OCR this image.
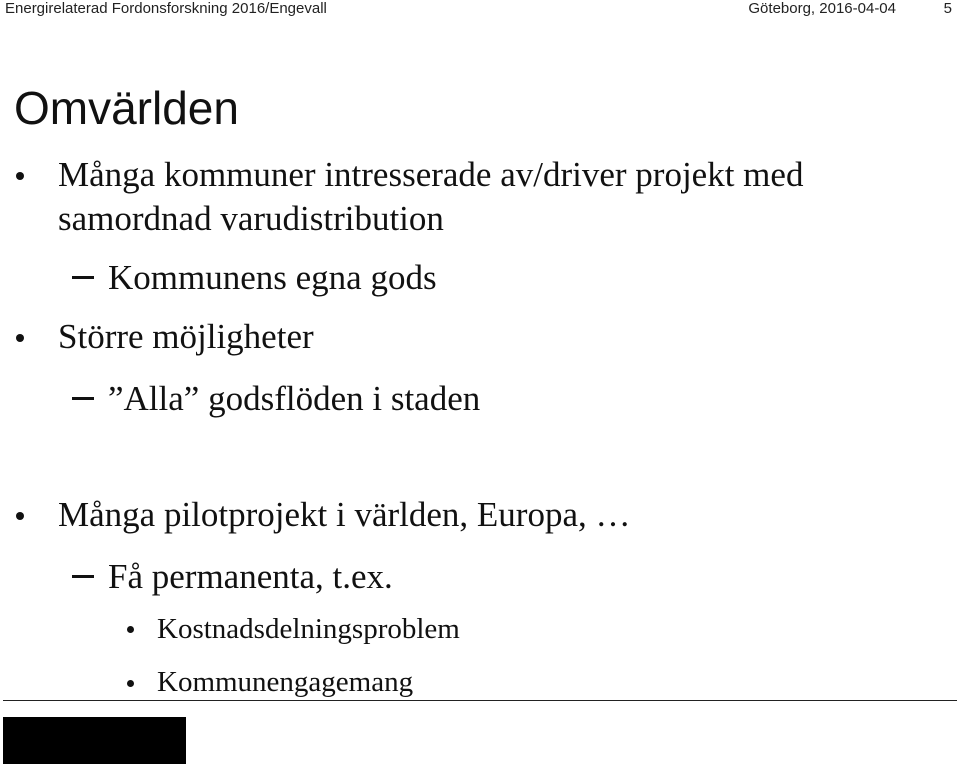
Energirelaterad Fordonsforskning 2016/Engevall	Göteborg, 2016-04-04	5
Omvärlden
Många kommuner intresserade av/driver projekt med
samordnad varudistribution
Kommunens egna gods
Större möjligheter
”Alla” godsflöden i staden
Många pilotprojekt i världen, Europa, …
Få permanenta, t.ex.
Kostnadsdelningsproblem
Kommunengagemang
